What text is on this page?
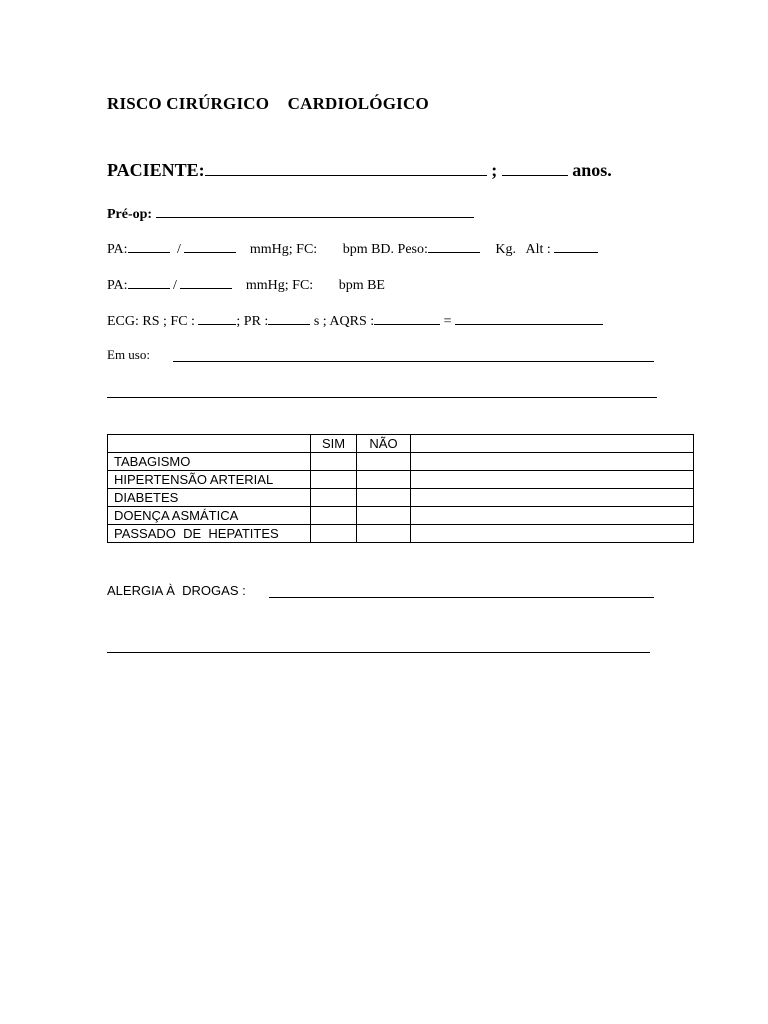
RISCO CIRÚRGICO CARDIOLÓGICO
PACIENTE:	;	anos.
Pré-op:
PA:	/	mmHg; FC: bpm BD. Peso:	Kg. Alt :
PA:	/	mmHg; FC: bpm BE
ECG: RS ; FC :	; PR :	s ; AQRS :	=
Em uso:
	SIM	NÃO	
TABAGISMO			
HIPERTENSÃO ARTERIAL			
DIABETES			
DOENÇA ASMÁTICA			
PASSADO  DE  HEPATITES			
ALERGIA À  DROGAS :
